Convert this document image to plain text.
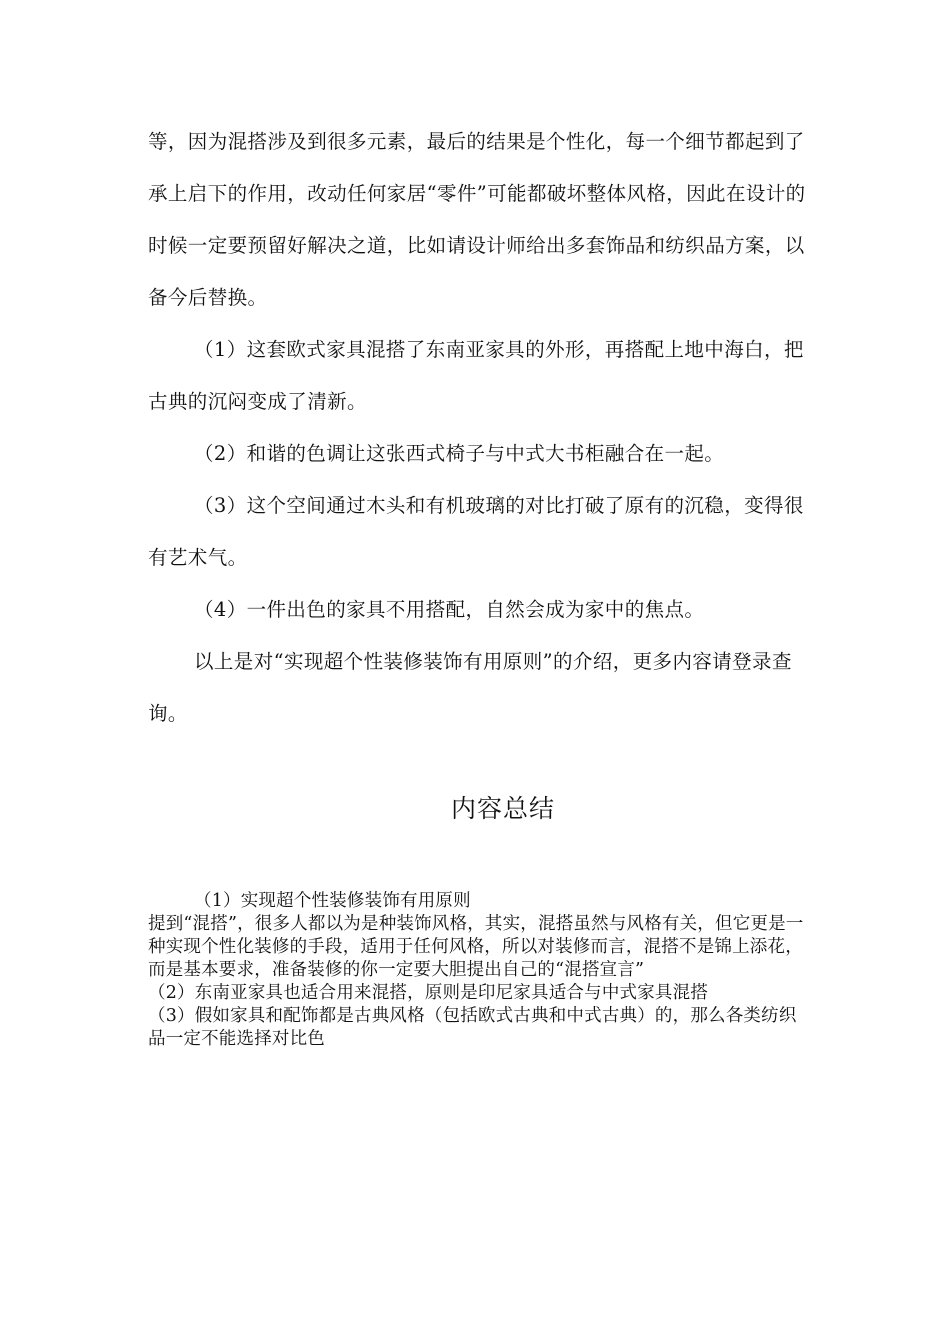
等，因为混搭涉及到很多元素，最后的结果是个性化，每一个细节都起到了承上启下的作用，改动任何家居“零件”可能都破坏整体风格，因此在设计的时候一定要预留好解决之道，比如请设计师给出多套饰品和纺织品方案，以备今后替换。

（1）这套欧式家具混搭了东南亚家具的外形，再搭配上地中海白，把古典的沉闷变成了清新。

（2）和谐的色调让这张西式椅子与中式大书柜融合在一起。

（3）这个空间通过木头和有机玻璃的对比打破了原有的沉稳，变得很有艺术气。

（4）一件出色的家具不用搭配，自然会成为家中的焦点。

以上是对“实现超个性装修装饰有用原则”的介绍，更多内容请登录查询。

内容总结

（1）实现超个性装修装饰有用原则

提到“混搭”，很多人都以为是种装饰风格，其实，混搭虽然与风格有关，但它更是一种实现个性化装修的手段，适用于任何风格，所以对装修而言，混搭不是锦上添花，而是基本要求，准备装修的你一定要大胆提出自己的“混搭宣言”

（2）东南亚家具也适合用来混搭，原则是印尼家具适合与中式家具混搭

（3）假如家具和配饰都是古典风格（包括欧式古典和中式古典）的，那么各类纺织品一定不能选择对比色
